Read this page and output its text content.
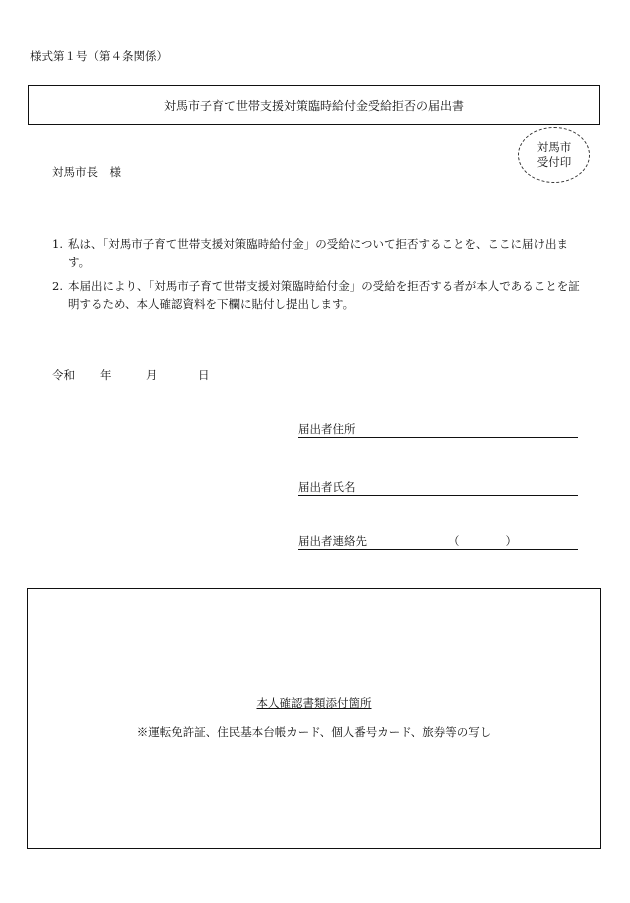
様式第１号（第４条関係）
対馬市子育て世帯支援対策臨時給付金受給拒否の届出書
対馬市
受付印
対馬市長　様
1. 私は、「対馬市子育て世帯支援対策臨時給付金」の受給について拒否することを、ここに届け出ます。
2. 本届出により、「対馬市子育て世帯支援対策臨時給付金」の受給を拒否する者が本人であることを証明するため、本人確認資料を下欄に貼付し提出します。
令和 年	月	日
届出者住所
届出者氏名
届出者連絡先	（　　　　）
本人確認書類添付箇所
※運転免許証、住民基本台帳カード、個人番号カード、旅券等の写し
